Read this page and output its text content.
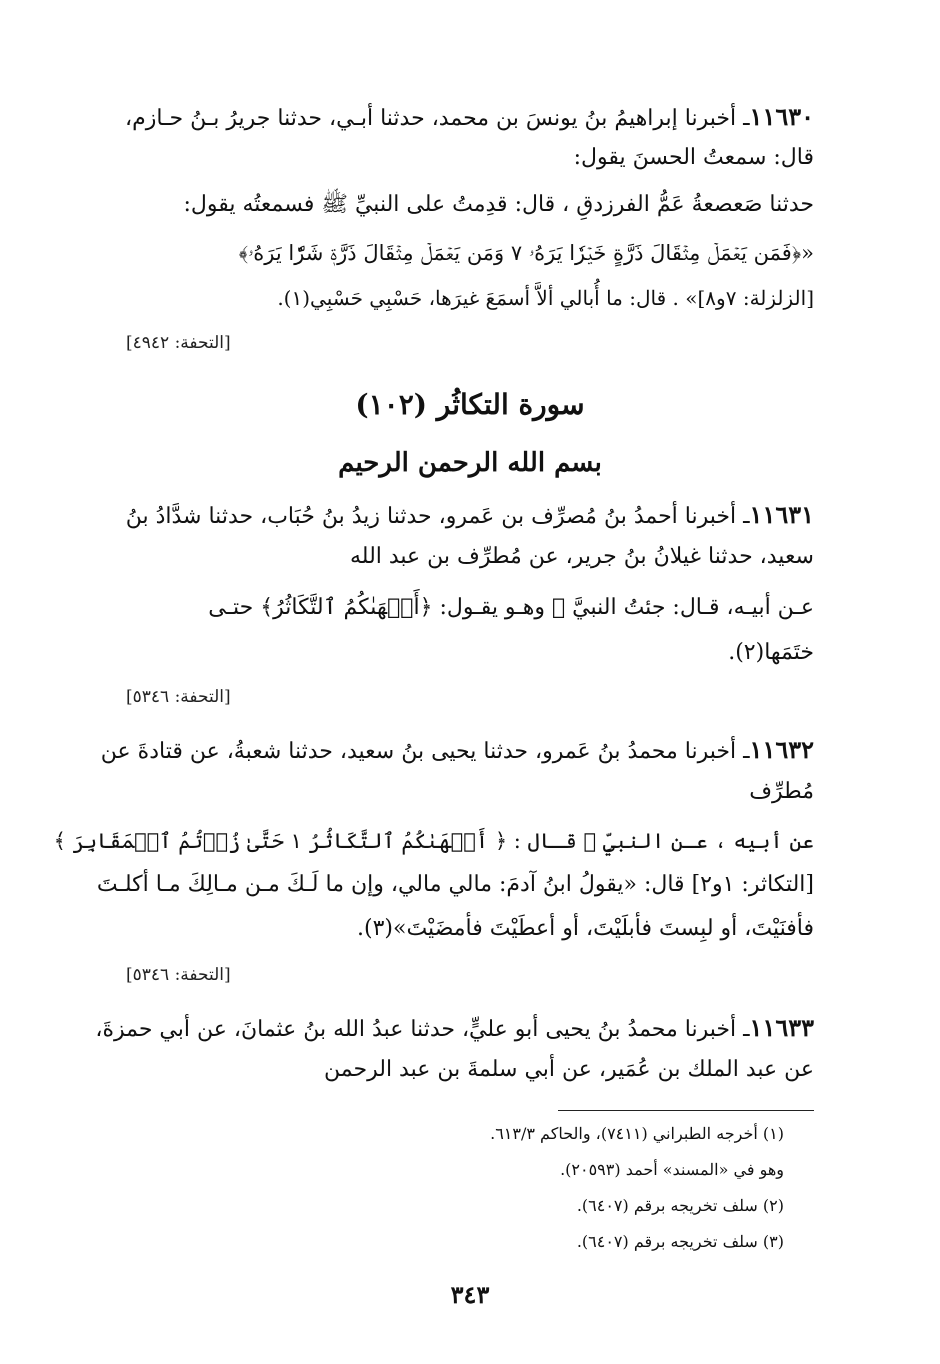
١١٦٣٠ـ أخبرنا إبراهيمُ بنُ يونسَ بن محمد، حدثنا أبـي، حدثنا جريرُ بـنُ حـازم،
قال: سمعتُ الحسنَ يقول:
حدثنا صَعصعةُ عَمُّ الفرزدقِ ، قال: قدِمتُ على النبيِّ ﷺ فسمعتُه يقول:
«﴿فَمَن يَعۡمَلۡ مِثۡقَالَ ذَرَّةٍ خَيۡرٗا يَرَهُۥ ٧ وَمَن يَعۡمَلۡ مِثۡقَالَ ذَرَّةٖ شَرّٗا يَرَهُۥ﴾
[الزلزلة: ٧و٨]» . قال: ما أُبالي ألاَّ أسمَعَ غيرَها، حَسْبِي حَسْبِي(١).
[التحفة: ٤٩٤٢]
سورة التكاثُر (١٠٢)
بسم الله الرحمن الرحيم
١١٦٣١ـ أخبرنا أحمدُ بنُ مُصرِّف بن عَمرو، حدثنا زيدُ بنُ حُبَاب، حدثنا شدَّادُ بنُ
سعيد، حدثنا غيلانُ بنُ جرير، عن مُطرِّف بن عبد الله
عـن أبيـه، قـال: جئتُ النبيَّ ﷺ وهـو يقـول: ﴿أَلۡهَىٰكُمُ ٱلتَّكَاثُرُ﴾ حتـى
ختَمَها(٢).
[التحفة: ٥٣٤٦]
١١٦٣٢ـ أخبرنا محمدُ بنُ عَمرو، حدثنا يحيى بنُ سعيد، حدثنا شعبةُ، عن قتادةَ عن
مُطرِّف
عن أبيه ، عـن النبيِّ ﷺ قـال : ﴿ أَلۡهَىٰكُمُ ٱلتَّكَاثُرُ ١ حَتَّىٰ زُرۡتُمُ ٱلۡمَقَابِرَ ﴾
[التكاثر: ١و٢] قال: «يقولُ ابنُ آدمَ: مالي مالي، وإن ما لَـكَ مـن مـالِكَ مـا أكلـتَ
فأفنَيْتَ، أو لبِستَ فأبلَيْتَ، أو أعطَيْتَ فأمضَيْتَ»(٣).
[التحفة: ٥٣٤٦]
١١٦٣٣ـ أخبرنا محمدُ بنُ يحيى أبو عليٍّ، حدثنا عبدُ الله بنُ عثمانَ، عن أبي حمزةَ،
عن عبد الملك بن عُمَير، عن أبي سلمةَ بن عبد الرحمن
(١) أخرجه الطبراني (٧٤١١)، والحاكم ٦١٣/٣.
وهو في «المسند» أحمد (٢٠٥٩٣).
(٢) سلف تخريجه برقم (٦٤٠٧).
(٣) سلف تخريجه برقم (٦٤٠٧).
٣٤٣
